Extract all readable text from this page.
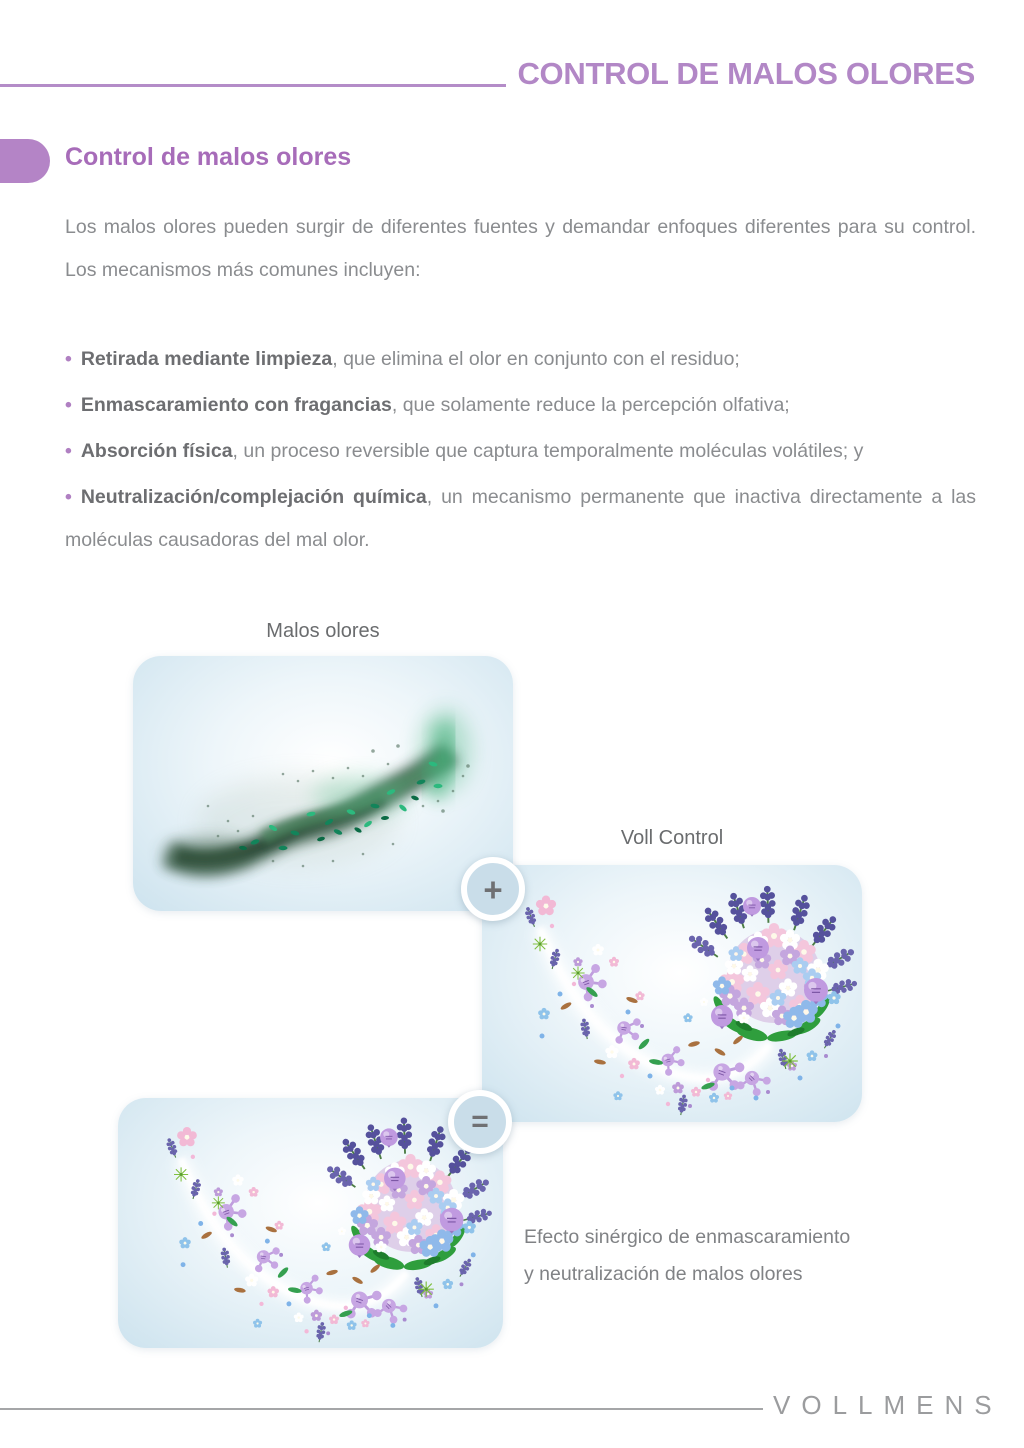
CONTROL DE MALOS OLORES
Control de malos olores

Los malos olores pueden surgir de diferentes fuentes y demandar enfoques diferentes para su control. Los mecanismos más comunes incluyen:

• Retirada mediante limpieza, que elimina el olor en conjunto con el residuo;

• Enmascaramiento con fragancias, que solamente reduce la percepción olfativa;

• Absorción física, un proceso reversible que captura temporalmente moléculas volátiles; y

• Neutralización/complejación química, un mecanismo permanente que inactiva directamente a las moléculas causadoras del mal olor.

Malos olores
+
Voll Control
=

Efecto sinérgico de enmascaramiento
y neutralización de malos olores

VOLLMENS
